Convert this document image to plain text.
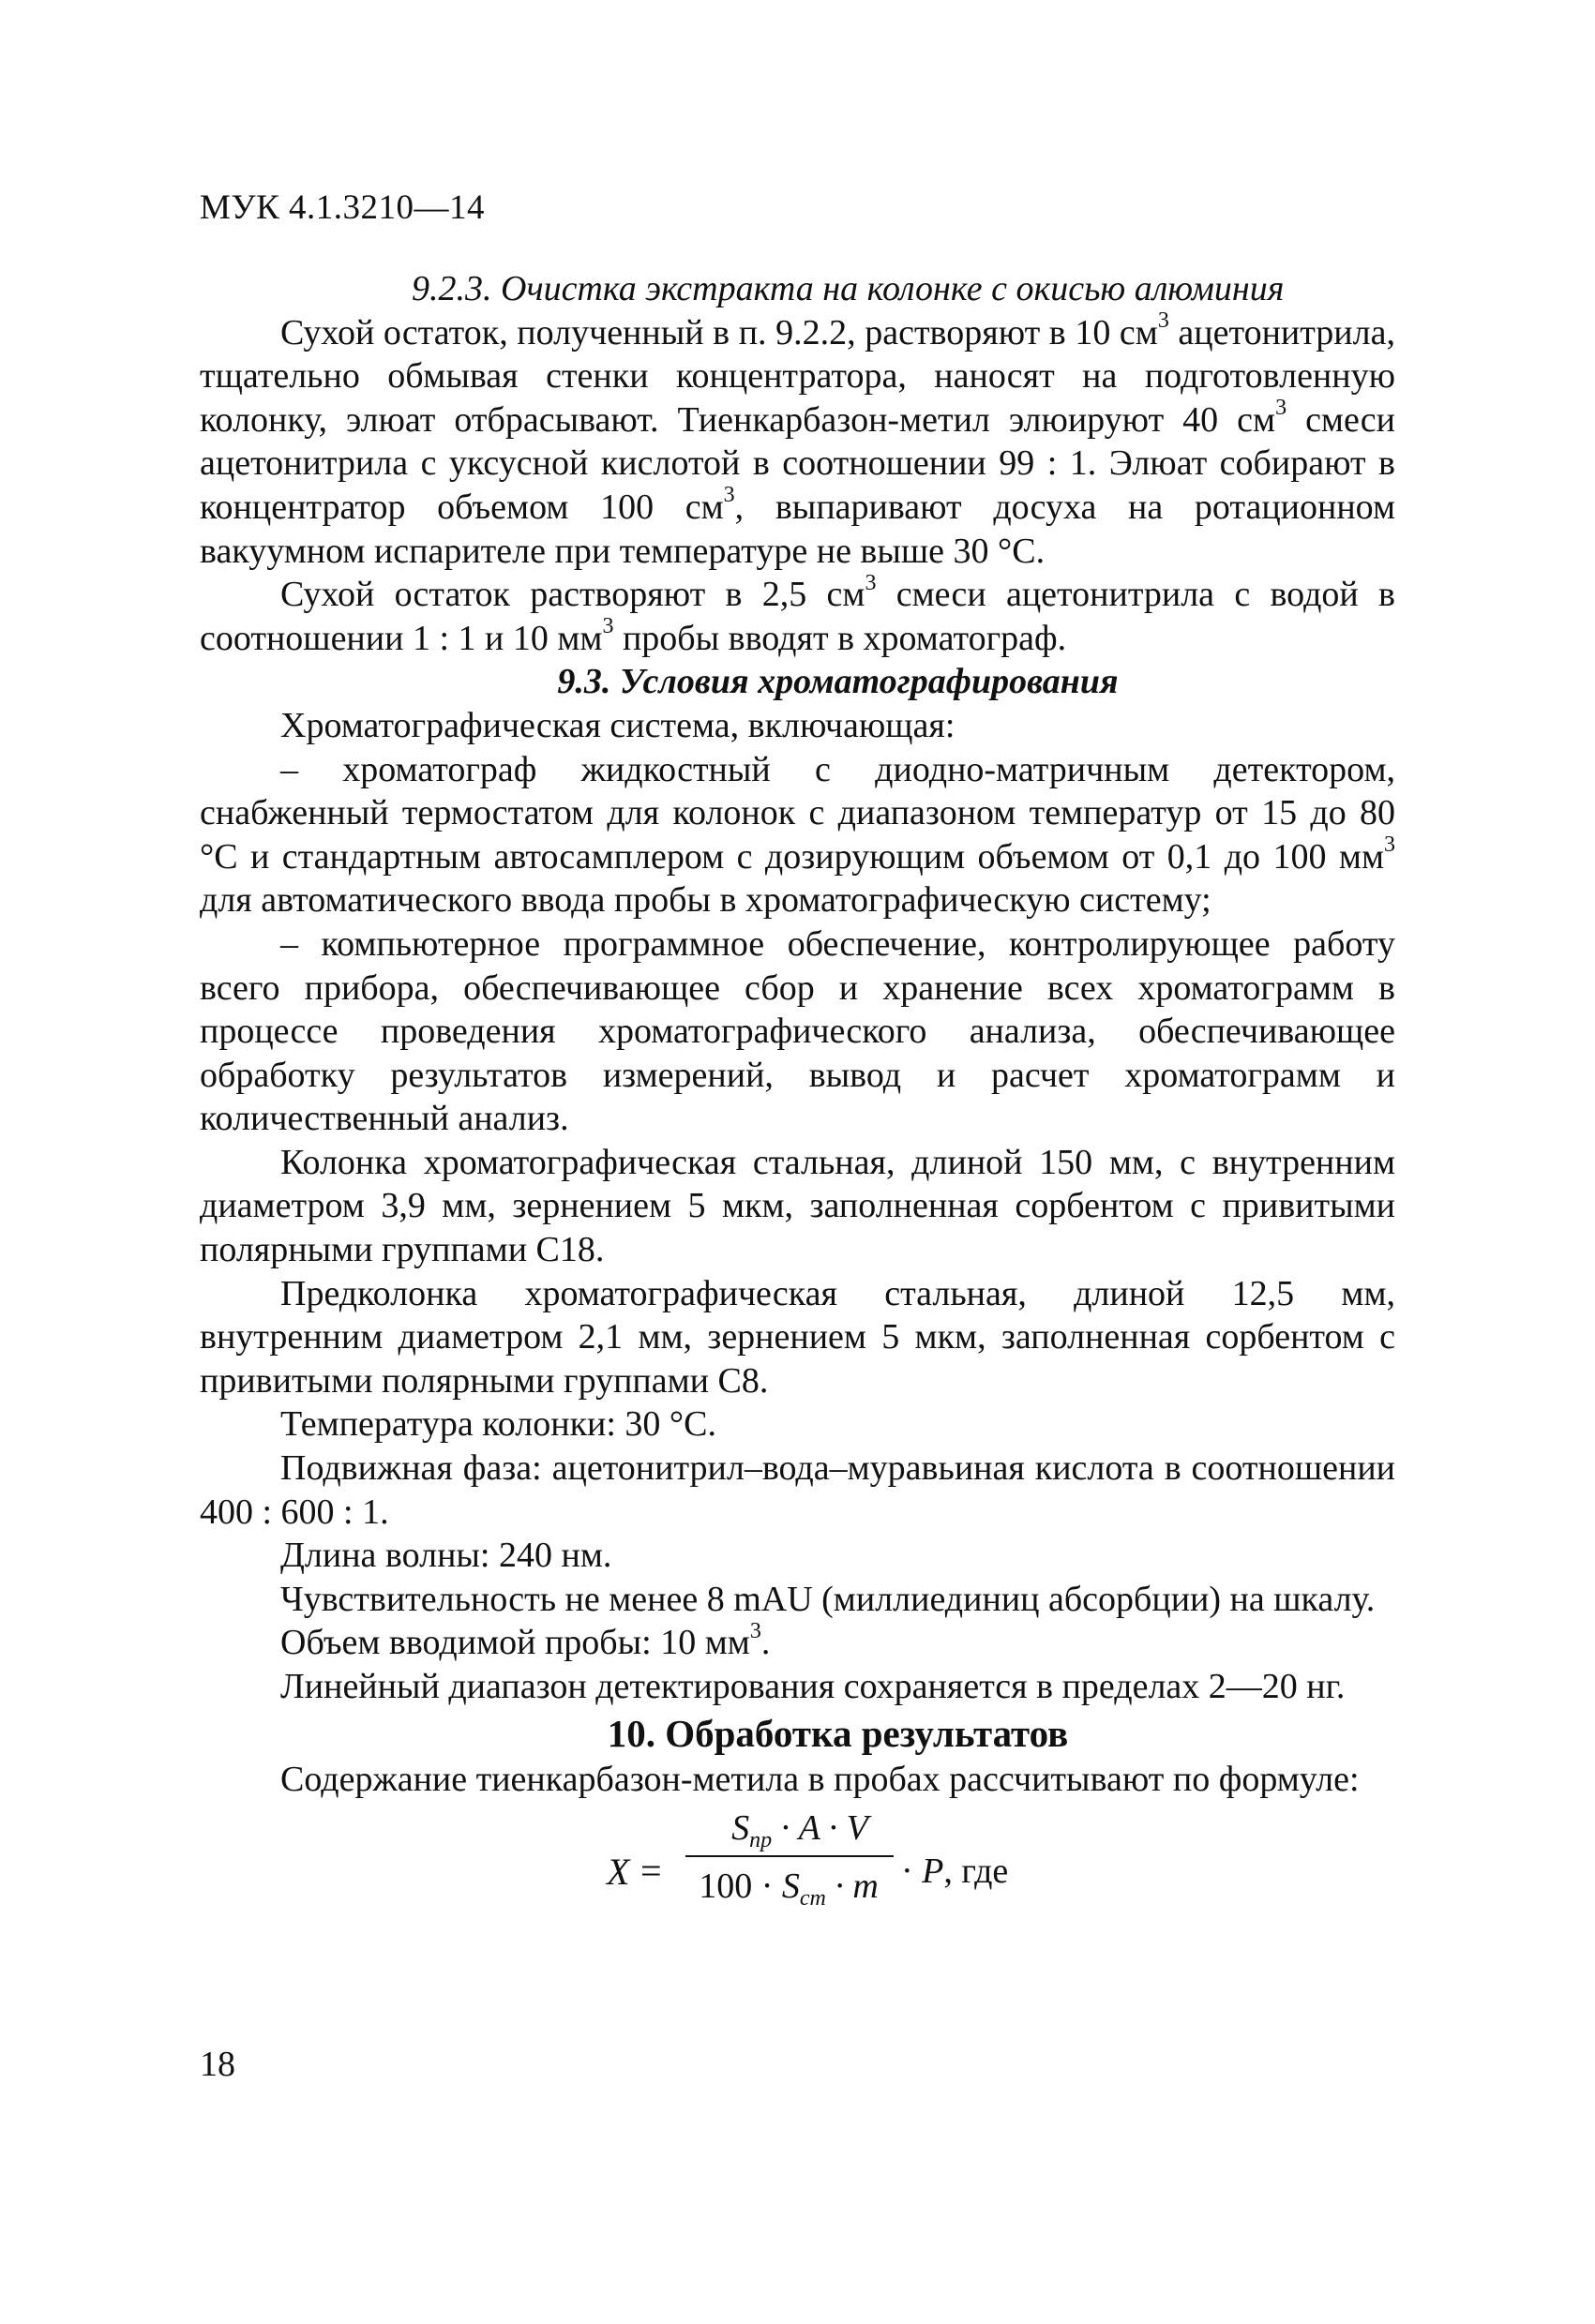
МУК 4.1.3210—14

9.2.3. Очистка экстракта на колонке с окисью алюминия

Сухой остаток, полученный в п. 9.2.2, растворяют в 10 $см^3$ ацетонитрила, тщательно обмывая стенки концентратора, наносят на подготовленную колонку, элюат отбрасывают. Тиенкарбазон-метил элюируют 40 $см^3$ смеси ацетонитрила с уксусной кислотой в соотношении 99 : 1. Элюат собирают в концентратор объемом 100 $см^3$, выпаривают досуха на ротационном вакуумном испарителе при температуре не выше 30 °С.

Сухой остаток растворяют в 2,5 $см^3$ смеси ацетонитрила с водой в соотношении 1 : 1 и 10 $мм^3$ пробы вводят в хроматограф.

9.3. Условия хроматографирования

Хроматографическая система, включающая:

– хроматограф жидкостный с диодно-матричным детектором, снабженный термостатом для колонок с диапазоном температур от 15 до 80 °С и стандартным автосамплером с дозирующим объемом от 0,1 до 100 $мм^3$ для автоматического ввода пробы в хроматографическую систему;

– компьютерное программное обеспечение, контролирующее работу всего прибора, обеспечивающее сбор и хранение всех хроматограмм в процессе проведения хроматографического анализа, обеспечивающее обработку результатов измерений, вывод и расчет хроматограмм и количественный анализ.

Колонка хроматографическая стальная, длиной 150 мм, с внутренним диаметром 3,9 мм, зернением 5 мкм, заполненная сорбентом с привитыми полярными группами С18.

Предколонка хроматографическая стальная, длиной 12,5 мм, внутренним диаметром 2,1 мм, зернением 5 мкм, заполненная сорбентом с привитыми полярными группами С8.

Температура колонки: 30 °С.

Подвижная фаза: ацетонитрил–вода–муравьиная кислота в соотношении 400 : 600 : 1.

Длина волны: 240 нм.

Чувствительность не менее 8 mAU (миллиединиц абсорбции) на шкалу.

Объем вводимой пробы: 10 $мм^3$.

Линейный диапазон детектирования сохраняется в пределах 2—20 нг.

10. Обработка результатов

Содержание тиенкарбазон-метила в пробах рассчитывают по формуле:

X =
$S_{пр} \cdot A \cdot V$
$100 \cdot S_{ст} \cdot m \cdot P$, где
18
